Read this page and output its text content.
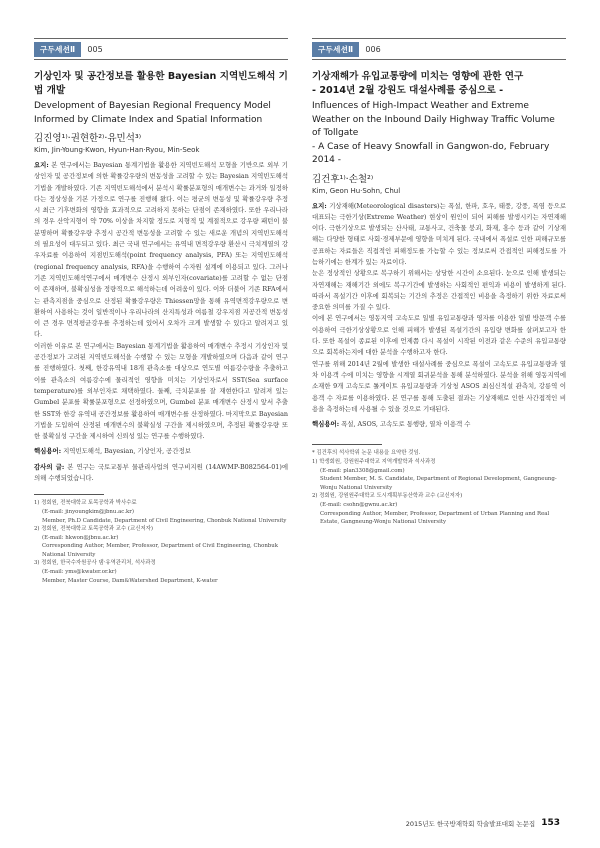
구두세션Ⅱ	005
기상인자 및 공간정보를 활용한 Bayesian 지역빈도해석 기법 개발
Development of Bayesian Regional Frequency Model Informed by Climate Index and Spatial Information
김진영¹⁾·권현한²⁾·유민석³⁾
Kim, Jin-Young·Kwon, Hyun-Han·Ryou, Min-Seok

요지: 본 연구에서는 Bayesian 통계기법을 활용한 지역빈도해석 모형을 기반으로 외부 기상인자 및 공간정보에 의한 확률강우량의 변동성을 고려할 수 있는 Bayesian 지역빈도해석 기법을 개발하였다. 기존 지역빈도해석에서 분석시 확률분포형의 매개변수는 과거와 일정하다는 정상성을 기본 가정으로 연구를 진행해 왔다. 이는 평균의 변동성 및 확률강우량 추정시 최근 기후변화의 영향을 효과적으로 고려하지 못하는 단점이 존재하였다. 또한 우리나라의 경우 산악지형이 약 70% 이상을 차지할 정도로 지형적 및 계절적으로 강우량 패턴이 불분명하며 확률강우량 추정시 공간적 변동성을 고려할 수 있는 새로운 개념의 지역빈도해석의 필요성이 대두되고 있다. 최근 국내 연구에서는 유역내 면적강우량 환산시 극치계열의 강우자료를 이용하여 지점빈도해석(point frequency analysis, PFA) 또는 지역빈도해석(regional frequency analysis, RFA)을 수행하여 수자원 설계에 이용되고 있다. 그러나 기존 지역빈도해석연구에서 매개변수 산정시 외부인자(covariate)를 고려할 수 없는 단점이 존재하며, 불확실성을 정량적으로 해석하는데 어려움이 있다. 이와 더불어 기존 RFA에서는 관측지점을 중심으로 산정된 확률강우량은 Thiessen망을 통해 유역면적강우량으로 변환하여 사용하는 것이 일반적이나 우리나라의 산지특성과 여름철 강우지점 지공간적 변동성이 큰 경우 면적평균강우를 추정하는데 있어서 오차가 크게 발생할 수 있다고 알려지고 있다.

이러한 이유로 본 연구에서는 Bayesian 통계기법을 활용하여 매개변수 추정시 기상인자 및 공간정보가 고려된 지역빈도해석을 수행할 수 있는 모형을 개발하였으며 다음과 같이 연구를 진행하였다. 첫째, 한강유역내 18개 관측소를 대상으로 연도별 여름강수량을 추출하고 이를 관측소의 여름강수에 물리적인 영향을 미치는 기상인자로서 SST(Sea surface temperature)를 외부인자로 채택하였다. 둘째, 극치분포를 잘 재현한다고 알려져 있는 Gumbel 분포를 확률분포형으로 선정하였으며, Gumbel 분포 매개변수 산정시 앞서 추출한 SST와 한강 유역내 공간정보를 활용하여 매개변수를 산정하였다. 마지막으로 Bayesian 기법을 도입하여 산정된 매개변수의 불확실성 구간을 제시하였으며, 추정된 확률강우량 또한 불확실성 구간을 제시하여 신뢰성 있는 연구를 수행하였다.

핵심용어: 지역빈도해석, Bayesian, 기상인자, 공간정보

감사의 글: 본 연구는 국토교통부 물관리사업의 연구비지원 (14AWMP-B082564-01)에 의해 수행되었습니다.

1) 정회원, 전북대학교 토목공학과 박사수료
(E-mail: jinyoungkim@jbnu.ac.kr)
Member, Ph.D Candidate, Department of Civil Engineering, Chonbuk National University
2) 정회원, 전북대학교 토목공학과 교수 (교신저자)
(E-mail: hkwon@jbnu.ac.kr)
Corresponding Author, Member, Professor, Department of Civil Engineering, Chonbuk National University
3) 정회원, 한국수자원공사 댐·유역관리처, 석사과정
(E-mail: yms@kwater.or.kr)
Member, Master Course, Dam&Watershed Department, K-water
구두세션Ⅱ	006
기상재해가 유입교통량에 미치는 영향에 관한 연구
- 2014년 2월 강원도 대설사례를 중심으로 -
Influences of High-Impact Weather and Extreme Weather on the Inbound Daily Highway Traffic Volume of Tollgate
- A Case of Heavy Snowfall in Gangwon-do, February 2014 -
김건후¹⁾·손철²⁾
Kim, Geon Hu·Sohn, Chul

요지: 기상재해(Meteorological disasters)는 폭설, 한파, 호우, 태풍, 강풍, 폭염 등으로 대표되는 극한기상(Extreme Weather) 현상이 원인이 되어 피해를 발생시키는 자연재해이다. 극한기상으로 발생되는 산사태, 교통사고, 건축물 붕괴, 화재, 홍수 등과 같이 기상재해는 다양한 형태로 사회·경제부문에 영향을 미치게 된다. 국내에서 폭설로 인한 피해규모를 공표하는 자료들은 직접적인 피해정도를 가늠할 수 있는 정보로써 간접적인 피해정도를 가늠하기에는 한계가 있는 자료이다.

눈은 정상적인 상황으로 복구하기 위해서는 상당한 시간이 소요된다. 눈으로 인해 발생되는 자연재해는 재해기간 외에도 복구기간에 발생하는 사회적인 편익과 비용이 발생하게 된다. 따라서 폭설기간 이후에 회복되는 기간의 추정은 간접적인 비용을 측정하기 위한 자료로써 중요한 의미를 가질 수 있다.

이에 본 연구에서는 영동지역 고속도로 일별 유입교통량과 영자를 이용한 일별 방문객 수를 이용하여 극한기상상황으로 인해 피해가 발생된 폭설기간의 유입량 변화를 살펴보고자 한다. 또한 폭설이 종료된 이후에 언제쯤 다시 폭설이 시작된 이전과 같은 수준의 유입교통량으로 회복하는지에 대한 분석을 수행하고자 한다.

연구를 위해 2014년 2월에 발생한 대설사례를 중심으로 폭설이 고속도로 유입교통량과 열차 이용객 수에 미치는 영향을 시계열 회귀분석을 통해 분석하였다. 분석을 위해 영동지역에 소재한 9개 고속도로 톨게이트 유입교통량과 기상청 ASOS 최심신적설 관측치, 강릉역 이용객 수 자료를 이용하였다. 본 연구를 통해 도출된 결과는 기상재해로 인한 사간접적인 비용을 측정하는데 사용될 수 있을 것으로 기대된다.

핵심용어: 폭설, ASOS, 고속도로 통행량, 열차 이용객 수

* 김건후의 석사학위 논문 내용을 요약한 것임.
1) 학생회원, 강원원주대학교 지역개발학과 석사과정
(E-mail: plan3308@gmail.com)
Student Member, M. S. Candidate, Department of Regional Development, Gangneung-Wonju National University
2) 정회원, 강원원주대학교 도시계획부동산학과 교수 (교신저자)
(E-mail: csohn@gwnu.ac.kr)
Corresponding Author, Member, Professor, Department of Urban Planning and Real Estate, Gangneung-Wonju National University
2015년도 한국방재학회 학술발표대회 논문집 153
